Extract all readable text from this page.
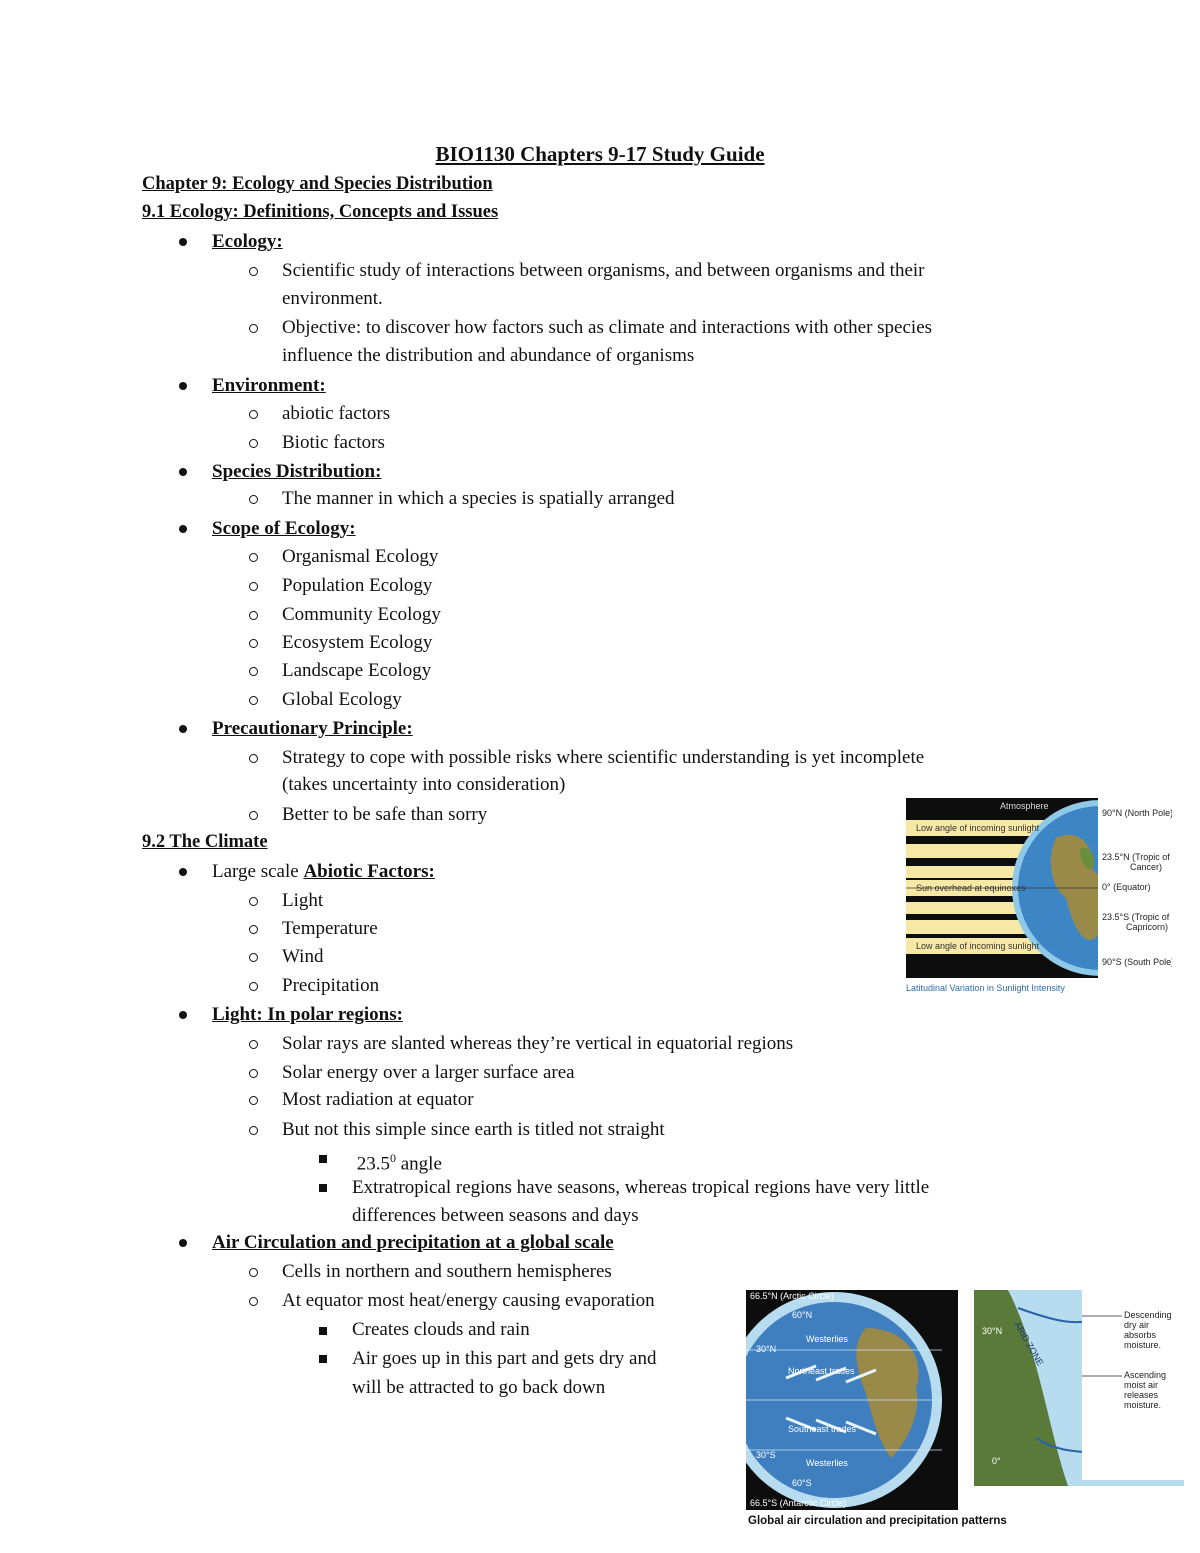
BIO1130 Chapters 9-17 Study Guide
Chapter 9: Ecology and Species Distribution
9.1 Ecology: Definitions, Concepts and Issues
Ecology:
Scientific study of interactions between organisms, and between organisms and their
environment.
Objective: to discover how factors such as climate and interactions with other species
influence the distribution and abundance of organisms
Environment:
abiotic factors
Biotic factors
Species Distribution:
The manner in which a species is spatially arranged
Scope of Ecology:
Organismal Ecology
Population Ecology
Community Ecology
Ecosystem Ecology
Landscape Ecology
Global Ecology
Precautionary Principle:
Strategy to cope with possible risks where scientific understanding is yet incomplete
(takes uncertainty into consideration)
Better to be safe than sorry
9.2 The Climate
Large scale Abiotic Factors:
Light
Temperature
Wind
Precipitation
Light: In polar regions:
Solar rays are slanted whereas they’re vertical in equatorial regions
Solar energy over a larger surface area
Most radiation at equator
But not this simple since earth is titled not straight
23.5$^0$ angle
Extratropical regions have seasons, whereas tropical regions have very little
differences between seasons and days
Air Circulation and precipitation at a global scale
Cells in northern and southern hemispheres
At equator most heat/energy causing evaporation
Creates clouds and rain
Air goes up in this part and gets dry and
will be attracted to go back down
Atmosphere
Low angle of incoming sunlight
Sun overhead at equinoxes
Low angle of incoming sunlight
90°N (North Pole)
23.5°N (Tropic of
Cancer)
0° (Equator)
23.5°S (Tropic of
Capricorn)
90°S (South Pole)
Latitudinal Variation in Sunlight Intensity
66.5°N (Arctic Circle)
60°N
Westerlies
30°N
Northeast trades
Southeast trades
30°S
Westerlies
60°S
66.5°S (Antarctic Circle)
30°N ARID ZONE
0°
Descending
dry air
absorbs
moisture.
Ascending
moist air
releases
moisture.
Global air circulation and precipitation patterns
